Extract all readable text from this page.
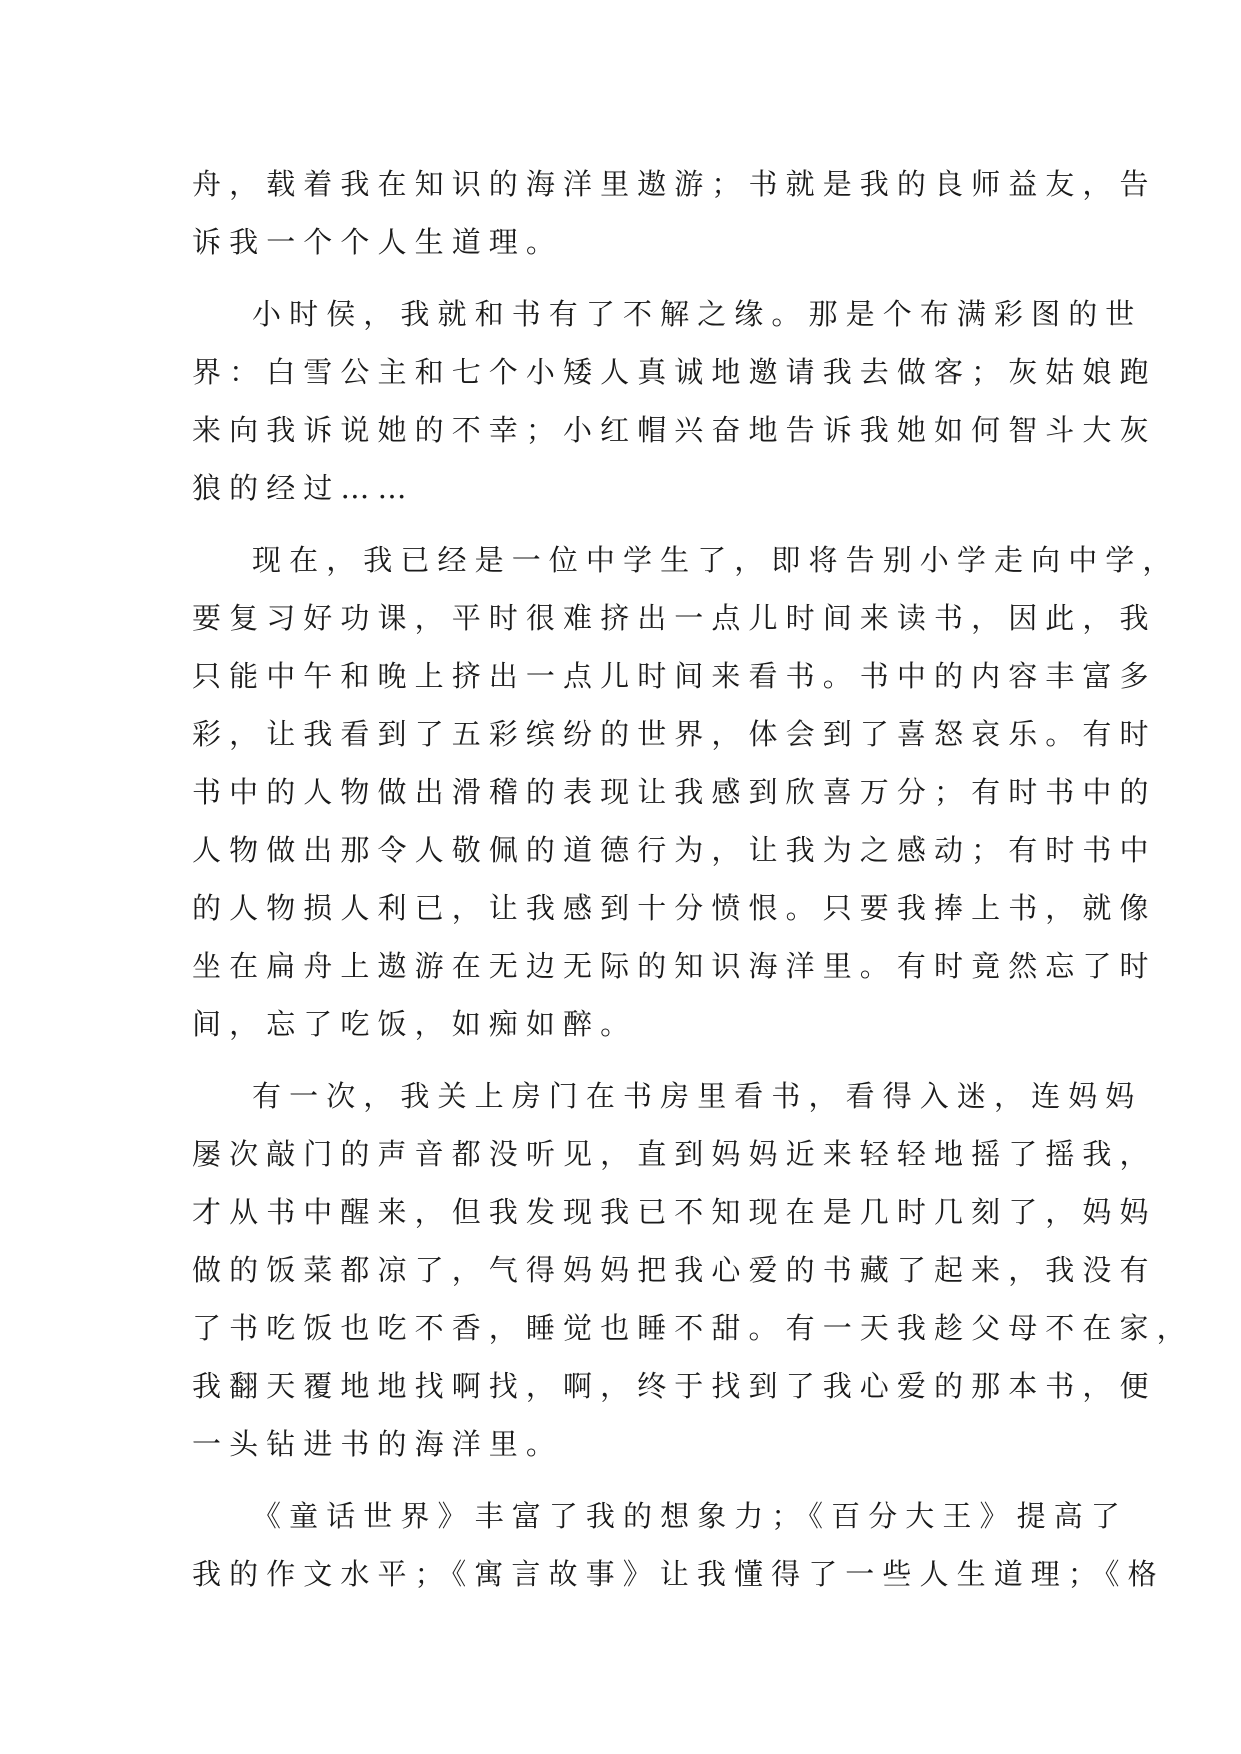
舟，载着我在知识的海洋里遨游；书就是我的良师益友，告
诉我一个个人生道理。
小时侯，我就和书有了不解之缘。那是个布满彩图的世
界：白雪公主和七个小矮人真诚地邀请我去做客；灰姑娘跑
来向我诉说她的不幸；小红帽兴奋地告诉我她如何智斗大灰
狼的经过……
现在，我已经是一位中学生了，即将告别小学走向中学，
要复习好功课，平时很难挤出一点儿时间来读书，因此，我
只能中午和晚上挤出一点儿时间来看书。书中的内容丰富多
彩，让我看到了五彩缤纷的世界，体会到了喜怒哀乐。有时
书中的人物做出滑稽的表现让我感到欣喜万分；有时书中的
人物做出那令人敬佩的道德行为，让我为之感动；有时书中
的人物损人利已，让我感到十分愤恨。只要我捧上书，就像
坐在扁舟上遨游在无边无际的知识海洋里。有时竟然忘了时
间，忘了吃饭，如痴如醉。
有一次，我关上房门在书房里看书，看得入迷，连妈妈
屡次敲门的声音都没听见，直到妈妈近来轻轻地摇了摇我，
才从书中醒来，但我发现我已不知现在是几时几刻了，妈妈
做的饭菜都凉了，气得妈妈把我心爱的书藏了起来，我没有
了书吃饭也吃不香，睡觉也睡不甜。有一天我趁父母不在家，
我翻天覆地地找啊找，啊，终于找到了我心爱的那本书，便
一头钻进书的海洋里。
《童话世界》丰富了我的想象力；《百分大王》提高了
我的作文水平；《寓言故事》让我懂得了一些人生道理；《格
